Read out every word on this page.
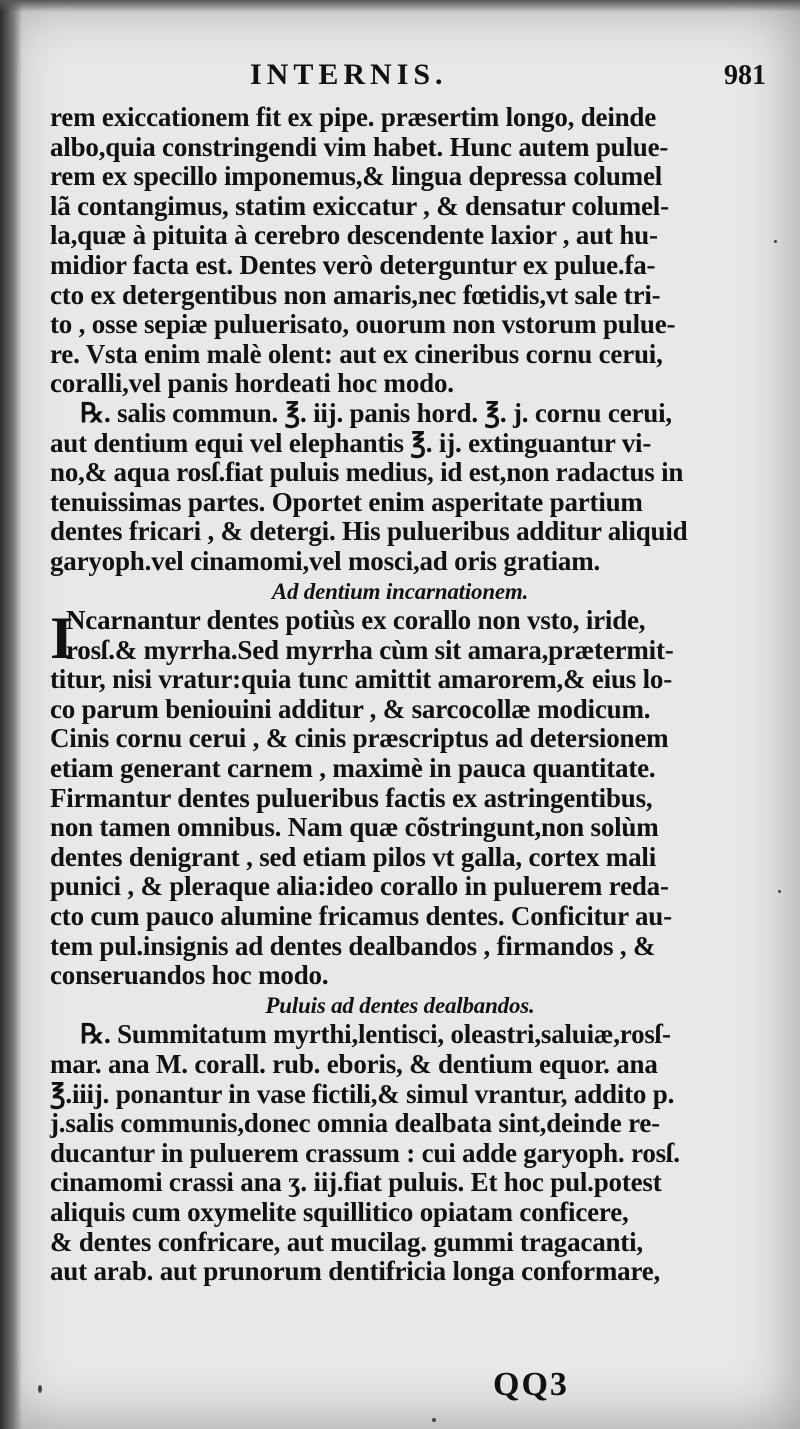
INTERNIS.	981
rem exiccationem fit ex pipe. præsertim longo, deinde
albo,quia constringendi vim habet. Hunc autem pulue-
rem ex specillo imponemus,& lingua depressa columel
lã contangimus, statim exiccatur , & densatur columel-
la,quæ à pituita à cerebro descendente laxior , aut hu-
midior facta est. Dentes verò deterguntur ex pulue.fa-
cto ex detergentibus non amaris,nec fœtidis,vt sale tri-
to , osse sepiæ puluerisato, ouorum non vstorum pulue-
re. Vsta enim malè olent: aut ex cineribus cornu cerui,
coralli,vel panis hordeati hoc modo.
℞. salis commun. ℥. iij. panis hord. ℥. j. cornu cerui,
aut dentium equi vel elephantis ℥. ij. extinguantur vi-
no,& aqua rosſ.fiat puluis medius, id est,non radactus in
tenuissimas partes. Oportet enim asperitate partium
dentes fricari , & detergi. His pulueribus additur aliquid
garyoph.vel cinamomi,vel mosci,ad oris gratiam.
Ad dentium incarnationem.
I
Ncarnantur dentes potiùs ex corallo non vsto, iride,
rosſ.& myrrha.Sed myrrha cùm sit amara,prætermit-
titur, nisi vratur:quia tunc amittit amarorem,& eius lo-
co parum beniouini additur , & sarcocollæ modicum.
Cinis cornu cerui , & cinis præscriptus ad detersionem
etiam generant carnem , maximè in pauca quantitate.
Firmantur dentes pulueribus factis ex astringentibus,
non tamen omnibus. Nam quæ cõstringunt,non solùm
dentes denigrant , sed etiam pilos vt galla, cortex mali
punici , & pleraque alia:ideo corallo in puluerem reda-
cto cum pauco alumine fricamus dentes. Conficitur au-
tem pul.insignis ad dentes dealbandos , firmandos , &
conseruandos hoc modo.
Puluis ad dentes dealbandos.
℞. Summitatum myrthi,lentisci, oleastri,saluiæ,rosſ-
mar. ana M. corall. rub. eboris, & dentium equor. ana
℥.iiij. ponantur in vase fictili,& simul vrantur, addito p.
j.salis communis,donec omnia dealbata sint,deinde re-
ducantur in puluerem crassum : cui adde garyoph. rosſ.
cinamomi crassi ana ʒ. iij.fiat puluis. Et hoc pul.potest
aliquis cum oxymelite squillitico opiatam conficere,
& dentes confricare, aut mucilag. gummi tragacanti,
aut arab. aut prunorum dentifricia longa conformare,
QQ3
